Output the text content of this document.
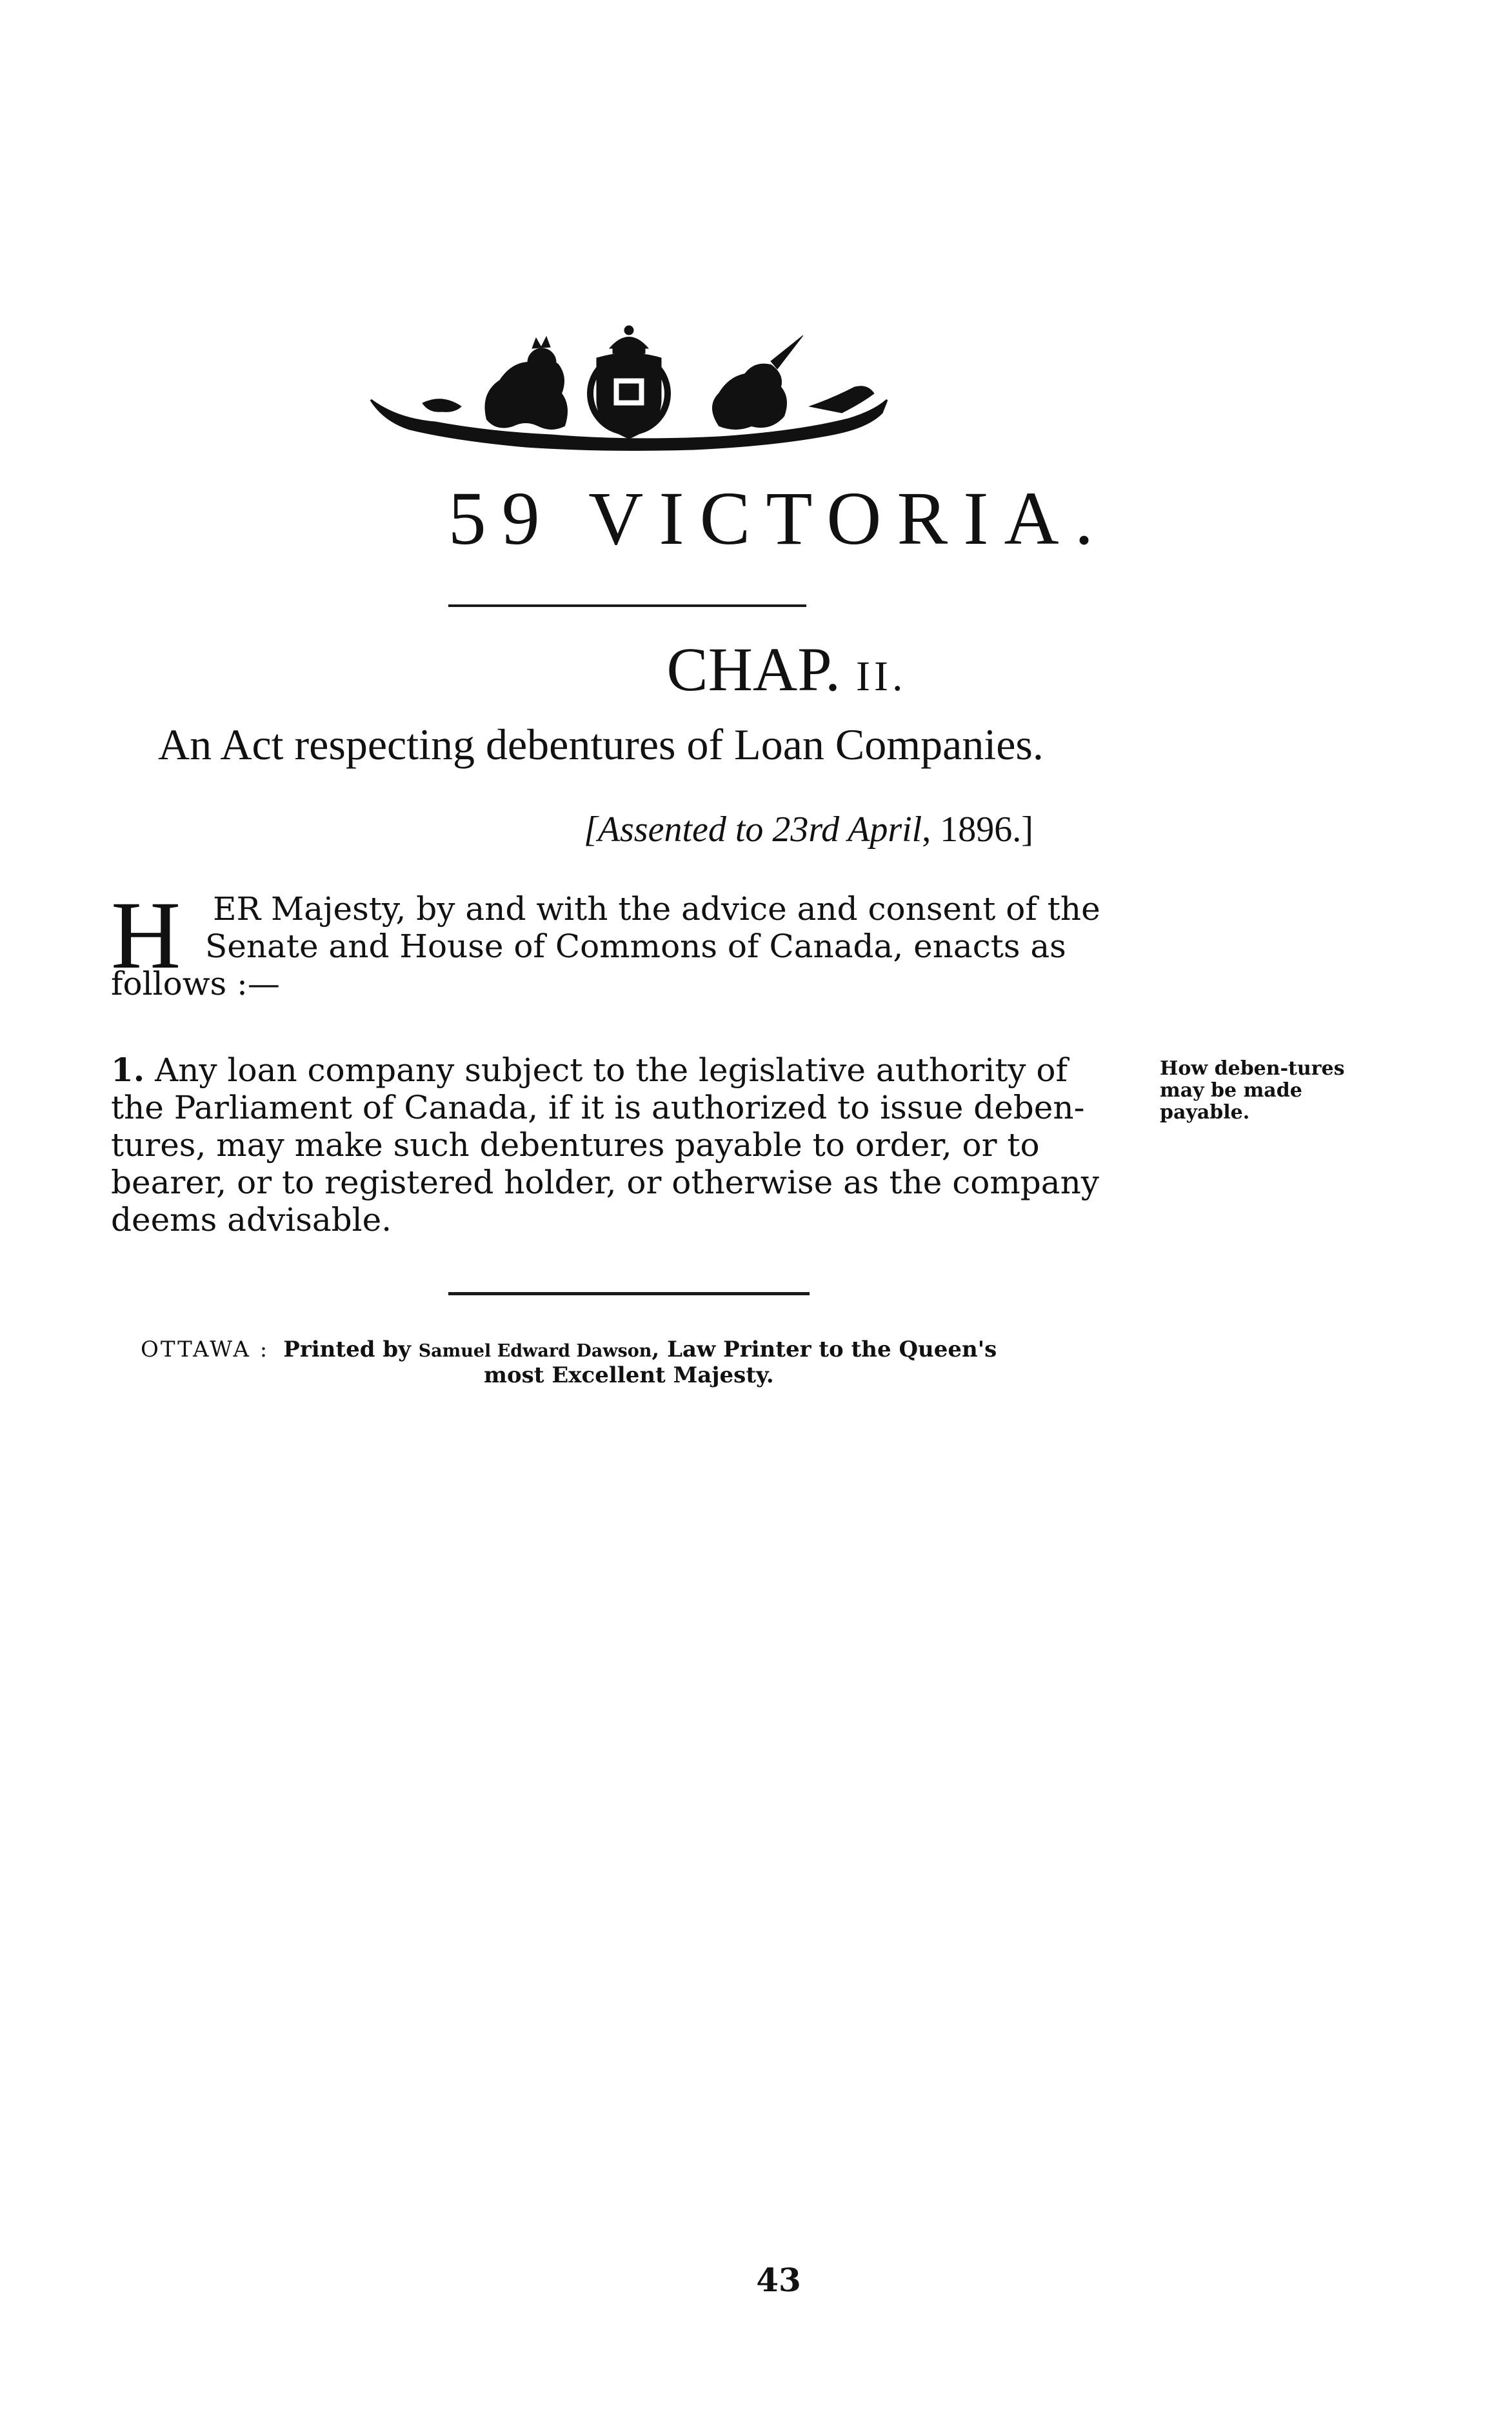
59 VICTORIA.
CHAP. II.
An Act respecting debentures of Loan Companies.
[Assented to 23rd April, 1896.]
H ER Majesty, by and with the advice and consent of the
Senate and House of Commons of Canada, enacts as
follows :—
1. Any loan company subject to the legislative authority of
the Parliament of Canada, if it is authorized to issue deben-
tures, may make such debentures payable to order, or to
bearer, or to registered holder, or otherwise as the company
deems advisable.
How deben-tures may be made payable.
OTTAWA : Printed by Samuel Edward Dawson, Law Printer to the Queen's
most Excellent Majesty.
43
